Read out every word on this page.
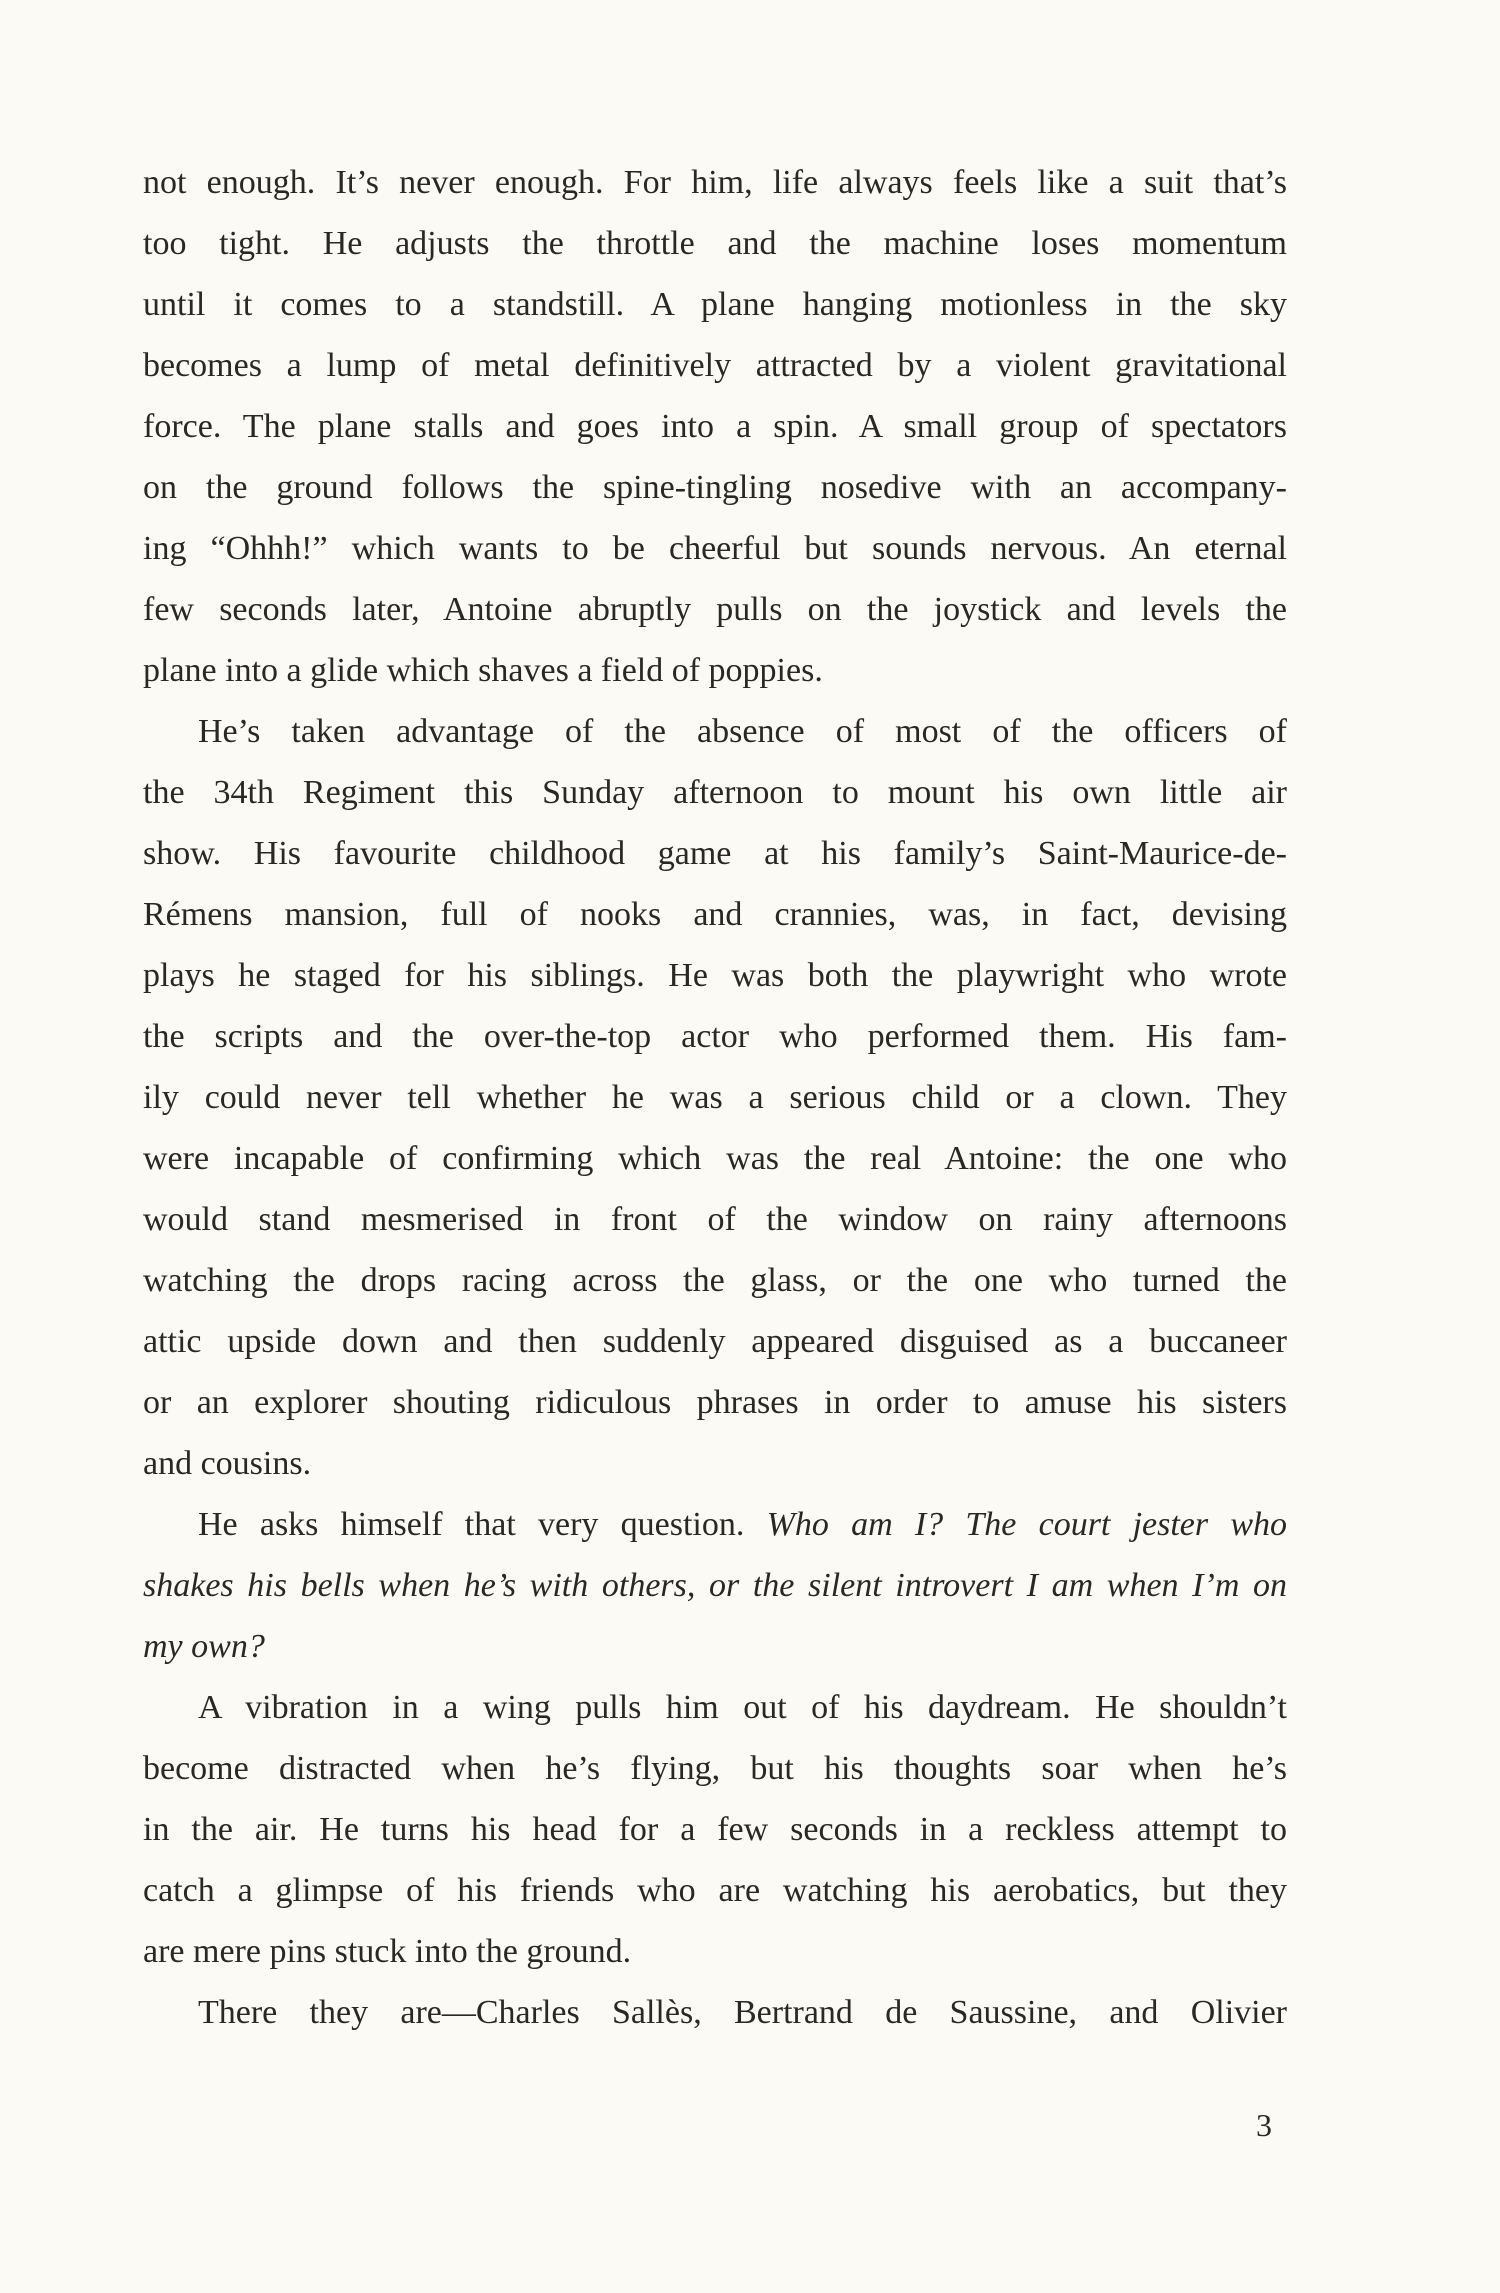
not enough. It’s never enough. For him, life always feels like a suit that’s
too tight. He adjusts the throttle and the machine loses momentum
until it comes to a standstill. A plane hanging motionless in the sky
becomes a lump of metal definitively attracted by a violent gravitational
force. The plane stalls and goes into a spin. A small group of spectators
on the ground follows the spine-tingling nosedive with an accompany-
ing “Ohhh!” which wants to be cheerful but sounds nervous. An eternal
few seconds later, Antoine abruptly pulls on the joystick and levels the
plane into a glide which shaves a field of poppies.
He’s taken advantage of the absence of most of the officers of
the 34th Regiment this Sunday afternoon to mount his own little air
show. His favourite childhood game at his family’s Saint-Maurice-de-
Rémens mansion, full of nooks and crannies, was, in fact, devising
plays he staged for his siblings. He was both the playwright who wrote
the scripts and the over-the-top actor who performed them. His fam-
ily could never tell whether he was a serious child or a clown. They
were incapable of confirming which was the real Antoine: the one who
would stand mesmerised in front of the window on rainy afternoons
watching the drops racing across the glass, or the one who turned the
attic upside down and then suddenly appeared disguised as a buccaneer
or an explorer shouting ridiculous phrases in order to amuse his sisters
and cousins.
He asks himself that very question. Who am I? The court jester who
shakes his bells when he’s with others, or the silent introvert I am when I’m on
my own?
A vibration in a wing pulls him out of his daydream. He shouldn’t
become distracted when he’s flying, but his thoughts soar when he’s
in the air. He turns his head for a few seconds in a reckless attempt to
catch a glimpse of his friends who are watching his aerobatics, but they
are mere pins stuck into the ground.
There they are—Charles Sallès, Bertrand de Saussine, and Olivier
3
